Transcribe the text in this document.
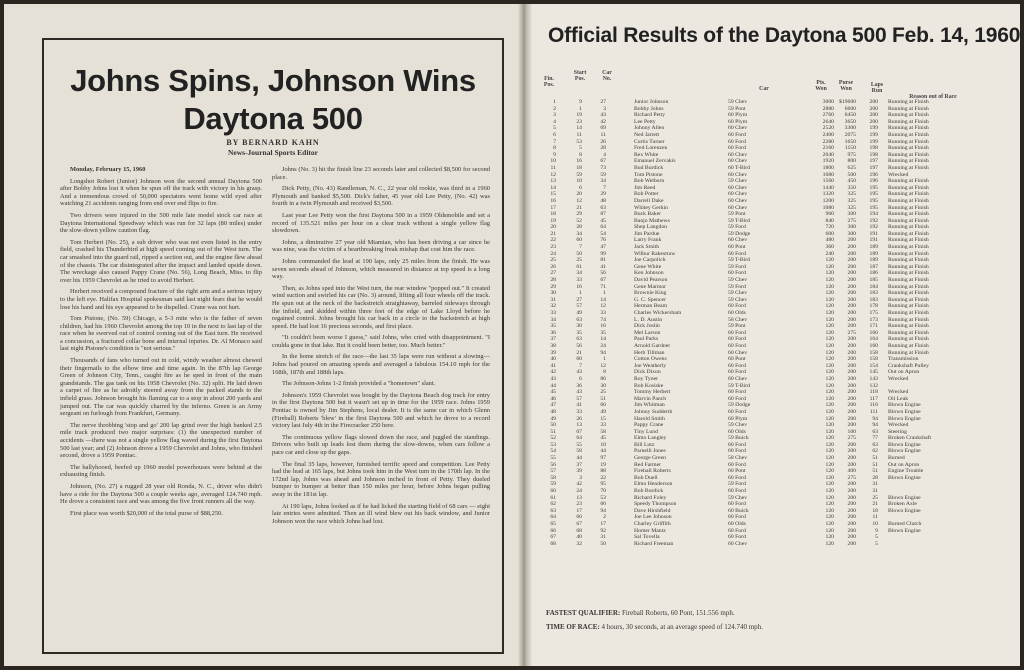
Johns Spins, Johnson Wins Daytona 500
BY BERNARD KAHN
News-Journal Sports Editor

Monday, February 15, 1960

Longshot Robert (Junior) Johnson won the second annual Daytona 500 after Bobby Johns lost it when he spun off the track with victory in his grasp. And a tremendous crowd of 50,000 spectators went home wild eyed after watching 21 accidents ranging from end over end flips to fire.

Two drivers were injured in the 500 mile late model stock car race at Daytona International Speedway which was run for 32 laps (80 miles) under the slow-down yellow caution flag.

Tom Herbert (No. 25), a sub driver who was not even listed in the entry field, crashed his Thunderbird at high speed coming out of the West turn. The car smashed into the guard rail, ripped a section out, and the engine flew ahead of the chassis. The car disintegrated after the impact and landed upside down. The wreckage also caused Pappy Crane (No. 56), Long Beach, Miss. to flip over his 1959 Chevrolet as he tried to avoid Herbert.

Herbert received a compound fracture of the right arm and a serious injury to the left eye. Halifax Hospital spokesman said last night fears that he would lose his hand and his eye appeared to be dispelled. Crane was not hurt.

Tom Pistone, (No. 59) Chicago, a 5-3 mite who is the father of seven children, had his 1960 Chevrolet among the top 10 in the next to last lap of the race when he swerved out of control coming out of the East turn. He received a concussion, a fractured collar bone and internal injuries. Dr. Al Monaco said last night Pistone's condition is "not serious."

Thousands of fans who turned out in cold, windy weather almost chewed their fingernails to the elbow time and time again. In the 87th lap George Green of Johnson City, Tenn., caught fire as he sped in front of the main grandstands. The gas tank on his 1958 Chevrolet (No. 32) split. He laid down a carpet of fire as he adroitly steered away from the packed stands to the infield grass. Johnson brought his flaming car to a stop in about 200 yards and jumped out. The car was quickly charred by the inferno. Green is an Army sergeant on furlough from Frankfurt, Germany.

The nerve throbbing 'stop and go' 200 lap grind over the high banked 2.5 mile track produced two major surprises: (1) the unexpected number of accidents —there was not a single yellow flag waved during the first Daytona 500 last year; and (2) Johnson drove a 1959 Chevrolet and Johns, who finished second, drove a 1959 Pontiac.

The ballyhooed, beefed up 1960 model powerhouses were behind at the exhausting finish.

Johnson, (No. 27) a rugged 28 year old Ronda, N. C., driver who didn't have a ride for the Daytona 500 a couple weeks ago, averaged 124.740 mph. He drove a consistent race and was among the five front runners all the way.

First place was worth $20,000 of the total purse of $88,250.

Johns (No. 3) hit the finish line 23 seconds later and collected $8,500 for second place.

Dick Petty, (No. 43) Randleman, N. C., 22 year old rookie, was third in a 1960 Plymouth and banked $5,500. Dick's father, 45 year old Lee Petty, (No. 42) was fourth in a twin Plymouth and received $3,500.

Last year Lee Petty won the first Daytona 500 in a 1959 Oldsmobile and set a record of 135.521 miles per hour on a clear track without a single yellow flag slowdown.

Johns, a diminutive 27 year old Miamian, who has been driving a car since he was nine, was the victim of a heartbreaking freak mishap that cost him the race.

Johns commanded the lead at 190 laps, only 25 miles from the finish. He was seven seconds ahead of Johnson, which measured in distance at top speed is a long way.

Then, as Johns sped into the West turn, the rear window "popped out." It created wind suction and swirled his car (No. 3) around, lifting all four wheels off the track. He spun out at the neck of the backstretch straightaway, barreled sideways through the infield, and skidded within three feet of the edge of Lake Lloyd before he regained control. Johns brought his car back in a circle to the backstretch at high speed. He had lost 16 precious seconds, and first place.

"It couldn't been worse I guess," said Johns, who cried with disappointment. "I coulda gone in that lake. But it could been better, too. Much better."

In the home stretch of the race—the last 35 laps were run without a slowing—Johns had poured on amazing speeds and averaged a fabulous 154.10 mph for the 168th, 187th and 188th laps.

The Johnson-Johns 1-2 finish provided a "hometown" slant.

Johnson's 1959 Chevrolet was bought by the Daytona Beach dog track for entry in the first Daytona 500 but it wasn't set up in time for the 1959 race. Johns 1959 Pontiac is owned by Jim Stephens, local dealer. It is the same car in which Glenn (Fireball) Roberts 'blew' in the first Daytona 500 and which he drove to a record victory last July 4th in the Firecracker 250 here.

The continuous yellow flags slowed down the race, and juggled the standings. Drivers who built up leads lost them during the slow-downs, when cars follow a pace car and close up the gaps.

The final 35 laps, however, furnished terrific speed and competition. Lee Petty had the lead at 165 laps, but Johns took him in the West turn in the 170th lap. In the 172nd lap, Johns was ahead and Johnson inched in front of Petty. They dueled bumper to bumper at better than 150 miles per hour, before Johns began pulling away in the 181st lap.

At 190 laps, Johns looked as if he had licked the starting field of 68 cars — eight late entries were admitted. Then an ill wind blew out his back window, and Junior Johnson won the race which Johns had lost.

Official Results of the Daytona 500 Feb. 14, 1960
Fin. Pos.
Start Pos.
Car No.
Car
Pts. Won
Purse Won
Laps Run
Reason out of Race
1	9	27	Junior Johnson	59 Chev	3000 $19600	200 Running at Finish
2	1	3	Bobby Johns	59 Pont	2880	6600	200 Running at Finish
3	19	43	Richard Petty	60 Plym	2760	6450	200 Running at Finish
4	23	42	Lee Petty	60 Plym	2640	3650	200 Running at Finish
5	14	69	Johnny Allen	60 Chev	2520	3300	199 Running at Finish
6	11	11	Ned Jarrett	60 Ford	2400	2075	199 Running at Finish
7	53	26	Curtis Turner	60 Ford	2280	1650	199 Running at Finish
8	5	28	Fred Lorenzen	60 Ford	2160	1150	198 Running at Finish
9	8	4	Rex White	60 Chev	2040	975	198 Running at Finish
10	16	67	Emanuel Zervakis	60 Chev	1920	800	197 Running at Finish
11	18	73	Bud Burdick	60 T-Bird	1800	625	197 Running at Finish
12	59	59	Tom Pistone	60 Chev	1680	500	196 Wrecked
13	10	34	Bob Welborn	59 Chev	1560	450	196 Running at Finish
14	6	7	Jim Reed	60 Chev	1440	350	195 Running at Finish
15	20	29	Bob Potter	60 Chev	1320	325	195 Running at Finish
16	12	48	Darrell Dake	60 Chev	1200	325	195 Running at Finish
17	21	63	Whitey Gerkin	60 Chev	1080	325	195 Running at Finish
18	29	87	Buck Baker	59 Pont	960	300	194 Running at Finish
19	52	45	Banjo Mathews	59 T-Bird	840	275	192 Running at Finish
20	28	64	Shep Langdon	59 Ford	720	300	192 Running at Finish
21	34	54	Jim Pardue	59 Dodge	600	300	191 Running at Finish
22	60	76	Larry Frank	60 Chev	480	200	191 Running at Finish
23	7	47	Jack Smith	60 Pont	360	200	189 Running at Finish
24	50	99	Wilbur Rakestraw	60 Ford	240	200	189 Running at Finish
25	25	81	Joe Carpolich	59 T-Bird	120	200	189 Running at Finish
26	61	41	Gene White	59 Ford	120	200	187 Running at Finish
27	34	56	Ken Johnson	60 Ford	120	200	186 Running at Finish
28	33	67	David Pearson	59 Chev	120	200	185 Running at Finish
29	16	71	Gene Marmor	59 Ford	120	200	184 Running at Finish
30	1	1	Brownie King	59 Chev	120	200	183 Running at Finish
31	27	14	G. C. Spencer	59 Chev	120	200	183 Running at Finish
32	57	12	Herman Beam	60 Ford	120	200	178 Running at Finish
33	49	33	Charles Wickersham	60 Olds	120	200	175 Running at Finish
34	63	74	L. D. Austin	58 Chev	120	200	173 Running at Finish
35	30	16	Dick Joslin	59 Pont	120	200	171 Running at Finish
36	35	35	Mel Larson	60 Ford	120	275	166 Running at Finish
37	63	14	Paul Parks	60 Ford	120	200	164 Running at Finish
38	56	24	Arnold Gardner	60 Ford	120	200	160 Running at Finish
39	21	94	Herb Tillman	60 Chev	120	200	158 Running at Finish
40	60	1	Cotton Owens	60 Pont	120	200	158 Transmission
41	7	12	Joe Weatherly	60 Ford	120	200	154 Crankshaft Pulley
42	43	8	Dick Dixon	60 Ford	120	200	145 Out on Apron
43	6	86	Roy Tyner	60 Chev	120	200	143 Wrecked
44	36	30	Bob Kosiske	59 T-Bird	120	200	132
45	43	25	Tommy Herbert	60 Ford	120	200	118 Wrecked
46	57	51	Marvin Panch	60 Ford	120	200	117 Oil Leak
47	41	66	Jim Whitman	59 Dodge	120	200	116 Blown Engine
48	33	49	Johnny Sudderth	60 Ford	120	200	111 Blown Engine
49	26	15	Harold Smith	60 Plym	120	200	94 Blown Engine
50	13	33	Pappy Crane	59 Chev	120	200	94 Wrecked
51	07	58	Tiny Lund	60 Olds	120	100	63 Steering
52	64	45	Elmo Langley	59 Buick	120	275	77 Broken Crankshaft
53	55	10	Bill Lutz	60 Ford	120	200	63 Blown Engine
54	58	44	Parnelli Jones	60 Ford	120	200	62 Blown Engine
55	44	97	George Green	58 Chev	120	200	51 Burned
56	37	19	Red Farmer	60 Ford	120	200	51 Out on Apron
57	39	88	Fireball Roberts	60 Pont	120	400	51 Engine Trouble
58	3	22	Bob Duell	60 Ford	120	275	28 Blown Engine
59	42	95	Elmo Henderson	59 Ford	120	200	31
60	24	70	Bob Burdick	60 Ford	120	200	31
61	13	53	Richard Foley	59 Chev	120	200	25 Blown Engine
62	23	66	Speedy Thompson	60 Ford	120	200	21 Broken Axle
63	17	94	Dave Hirshfield	60 Buick	120	200	18 Blown Engine
64	66	2	Joe Lee Johnson	60 Ford	120	200	11
65	67	17	Charley Griffith	60 Olds	120	200	10 Burned Clutch
66	68	92	Homer Mantz	60 Ford	120	200	9 Blown Engine
67	40	31	Sal Tovella	60 Ford	120	200	5
68	32	50	Richard Freeman	60 Chev	120	200	5
FASTEST QUALIFIER: Fireball Roberts, 60 Pont, 151.556 mph.
TIME OF RACE: 4 hours, 30 seconds, at an average speed of 124.740 mph.
